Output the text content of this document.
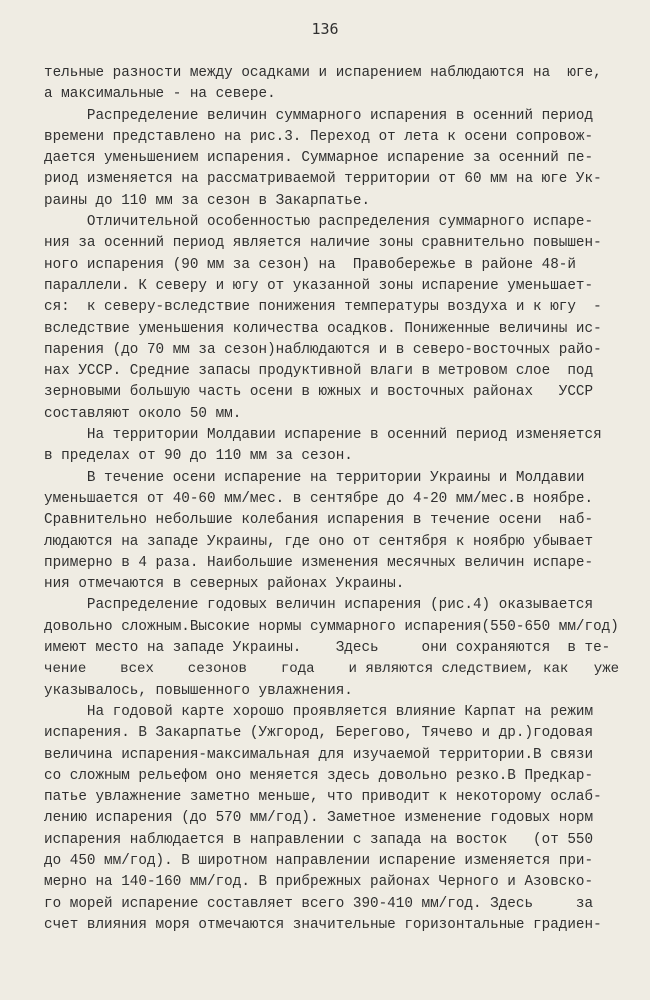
136
тельные разности между осадками и испарением наблюдаются на  юге,
а максимальные - на севере.
Распределение величин суммарного испарения в осенний период
времени представлено на рис.3. Переход от лета к осени сопровож-
дается уменьшением испарения. Суммарное испарение за осенний пе-
риод изменяется на рассматриваемой территории от 60 мм на юге Ук-
раины до 110 мм за сезон в Закарпатье.
Отличительной особенностью распределения суммарного испаре-
ния за осенний период является наличие зоны сравнительно повышен-
ного испарения (90 мм за сезон) на  Правобережье в районе 48-й
параллели. К северу и югу от указанной зоны испарение уменьшает-
ся:  к северу-вследствие понижения температуры воздуха и к югу  -
вследствие уменьшения количества осадков. Пониженные величины ис-
парения (до 70 мм за сезон)наблюдаются и в северо-восточных райо-
нах УССР. Средние запасы продуктивной влаги в метровом слое  под
зерновыми большую часть осени в южных и восточных районах   УССР
составляют около 50 мм.
На территории Молдавии испарение в осенний период изменяется
в пределах от 90 до 110 мм за сезон.
В течение осени испарение на территории Украины и Молдавии
уменьшается от 40-60 мм/мес. в сентябре до 4-20 мм/мес.в ноябре.
Сравнительно небольшие колебания испарения в течение осени  наб-
людаются на западе Украины, где оно от сентября к ноябрю убывает
примерно в 4 раза. Наибольшие изменения месячных величин испаре-
ния отмечаются в северных районах Украины.
Распределение годовых величин испарения (рис.4) оказывается
довольно сложным.Высокие нормы суммарного испарения(550-650 мм/год)
имеют место на западе Украины.    Здесь     они сохраняются  в те-
чение    всех    сезонов    года    и являются следствием, как   уже
указывалось, повышенного увлажнения.
На годовой карте хорошо проявляется влияние Карпат на режим
испарения. В Закарпатье (Ужгород, Берегово, Тячево и др.)годовая
величина испарения-максимальная для изучаемой территории.В связи
со сложным рельефом оно меняется здесь довольно резко.В Предкар-
патье увлажнение заметно меньше, что приводит к некоторому ослаб-
лению испарения (до 570 мм/год). Заметное изменение годовых норм
испарения наблюдается в направлении с запада на восток   (от 550
до 450 мм/год). В широтном направлении испарение изменяется при-
мерно на 140-160 мм/год. В прибрежных районах Черного и Азовско-
го морей испарение составляет всего 390-410 мм/год. Здесь     за
счет влияния моря отмечаются значительные горизонтальные градиен-
